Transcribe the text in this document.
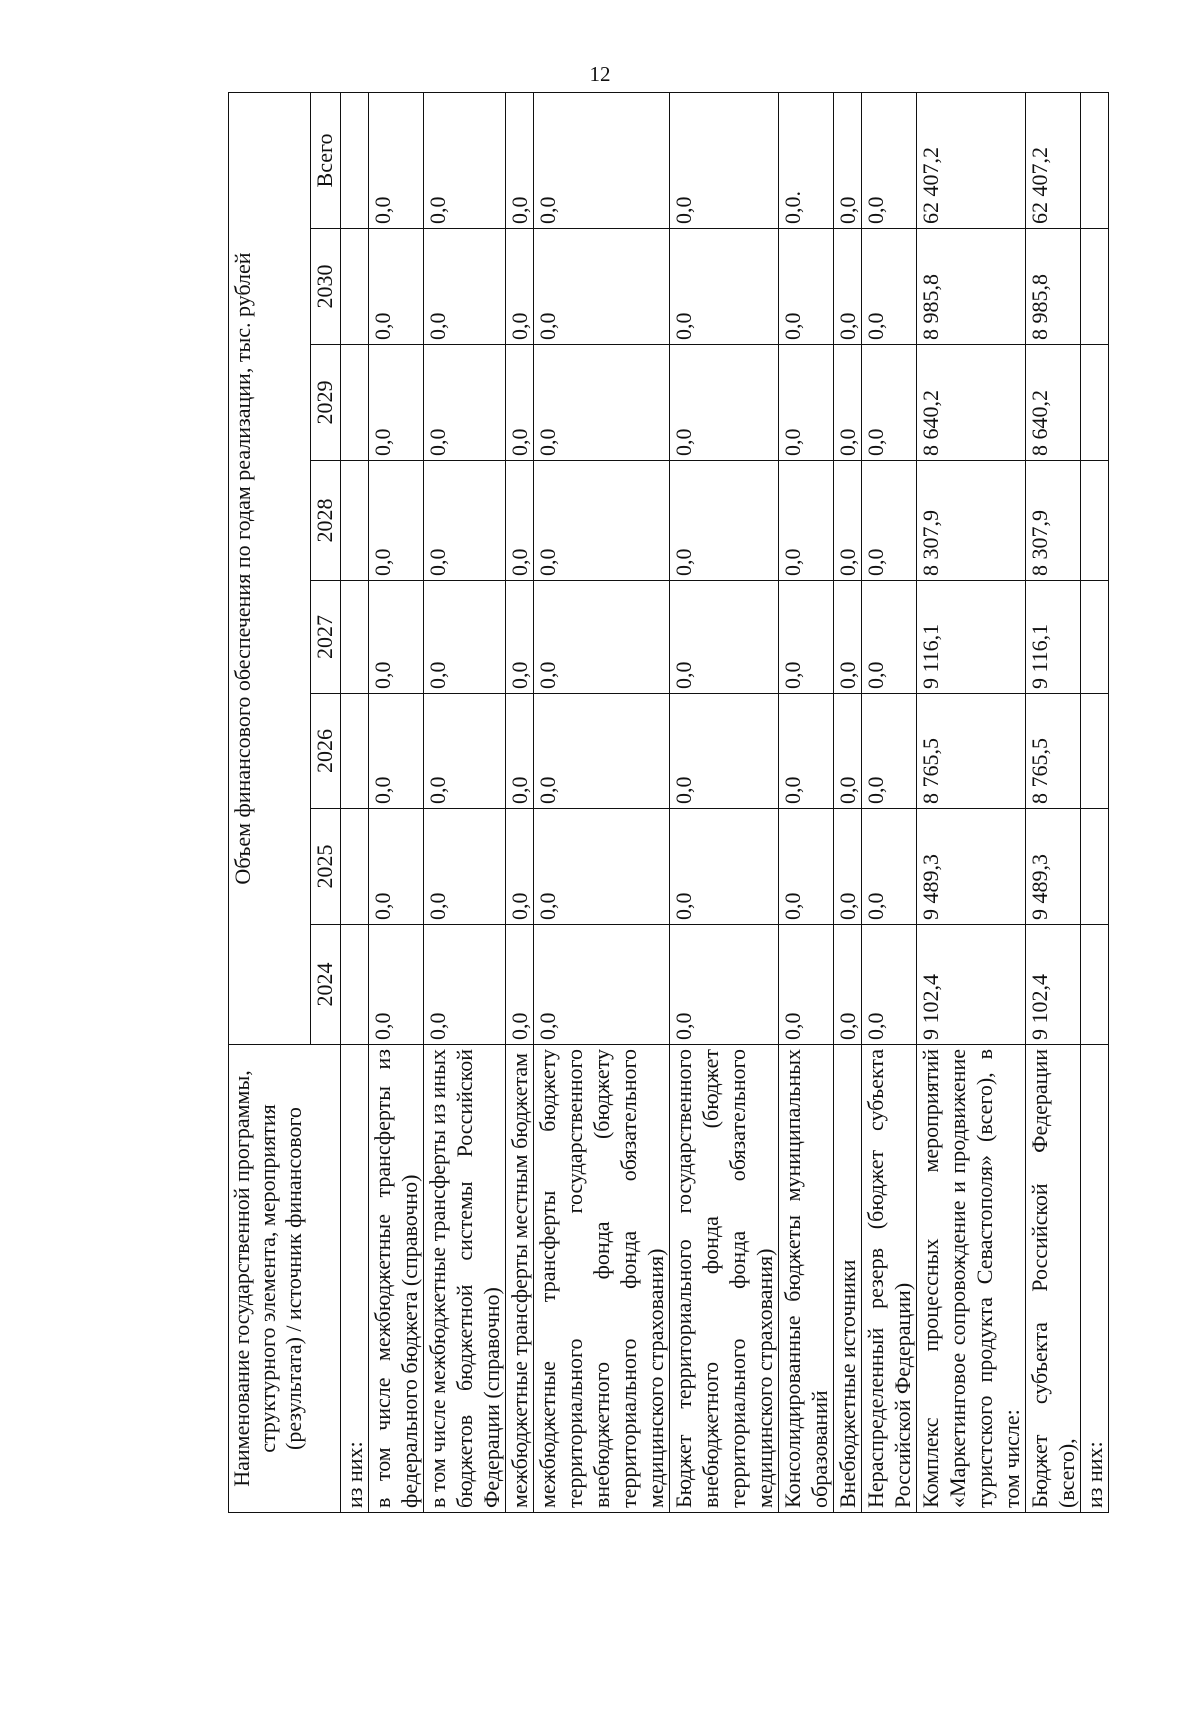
12
Наименование государственной программы, структурного элемента, мероприятия (результата) / источник финансового	Объем финансового обеспечения по годам реализации, тыс. рублей							
	2024	2025	2026	2027	2028	2029	2030	Всего
из них:								
в том числе межбюджетные трансферты из федерального бюджета (справочно)	0,0	0,0	0,0	0,0	0,0	0,0	0,0	0,0
в том числе межбюджетные трансферты из иных бюджетов бюджетной системы Российской Федерации (справочно)	0,0	0,0	0,0	0,0	0,0	0,0	0,0	0,0
межбюджетные трансферты местным бюджетам	0,0	0,0	0,0	0,0	0,0	0,0	0,0	0,0
межбюджетные трансферты бюджету территориального государственного внебюджетного фонда (бюджету территориального фонда обязательного медицинского страхования)	0,0	0,0	0,0	0,0	0,0	0,0	0,0	0,0
Бюджет территориального государственного внебюджетного фонда (бюджет территориального фонда обязательного медицинского страхования)	0,0	0,0	0,0	0,0	0,0	0,0	0,0	0,0
Консолидированные бюджеты муниципальных образований	0,0	0,0	0,0	0,0	0,0	0,0	0,0	0,0.
Внебюджетные источники	0,0	0,0	0,0	0,0	0,0	0,0	0,0	0,0
Нераспределенный резерв (бюджет субъекта Российской Федерации)	0,0	0,0	0,0	0,0	0,0	0,0	0,0	0,0
Комплекс процессных мероприятий «Маркетинговое сопровождение и продвижение туристского продукта Севастополя» (всего), в том числе:	9 102,4	9 489,3	8 765,5	9 116,1	8 307,9	8 640,2	8 985,8	62 407,2
Бюджет субъекта Российской Федерации (всего),	9 102,4	9 489,3	8 765,5	9 116,1	8 307,9	8 640,2	8 985,8	62 407,2
из них:								
